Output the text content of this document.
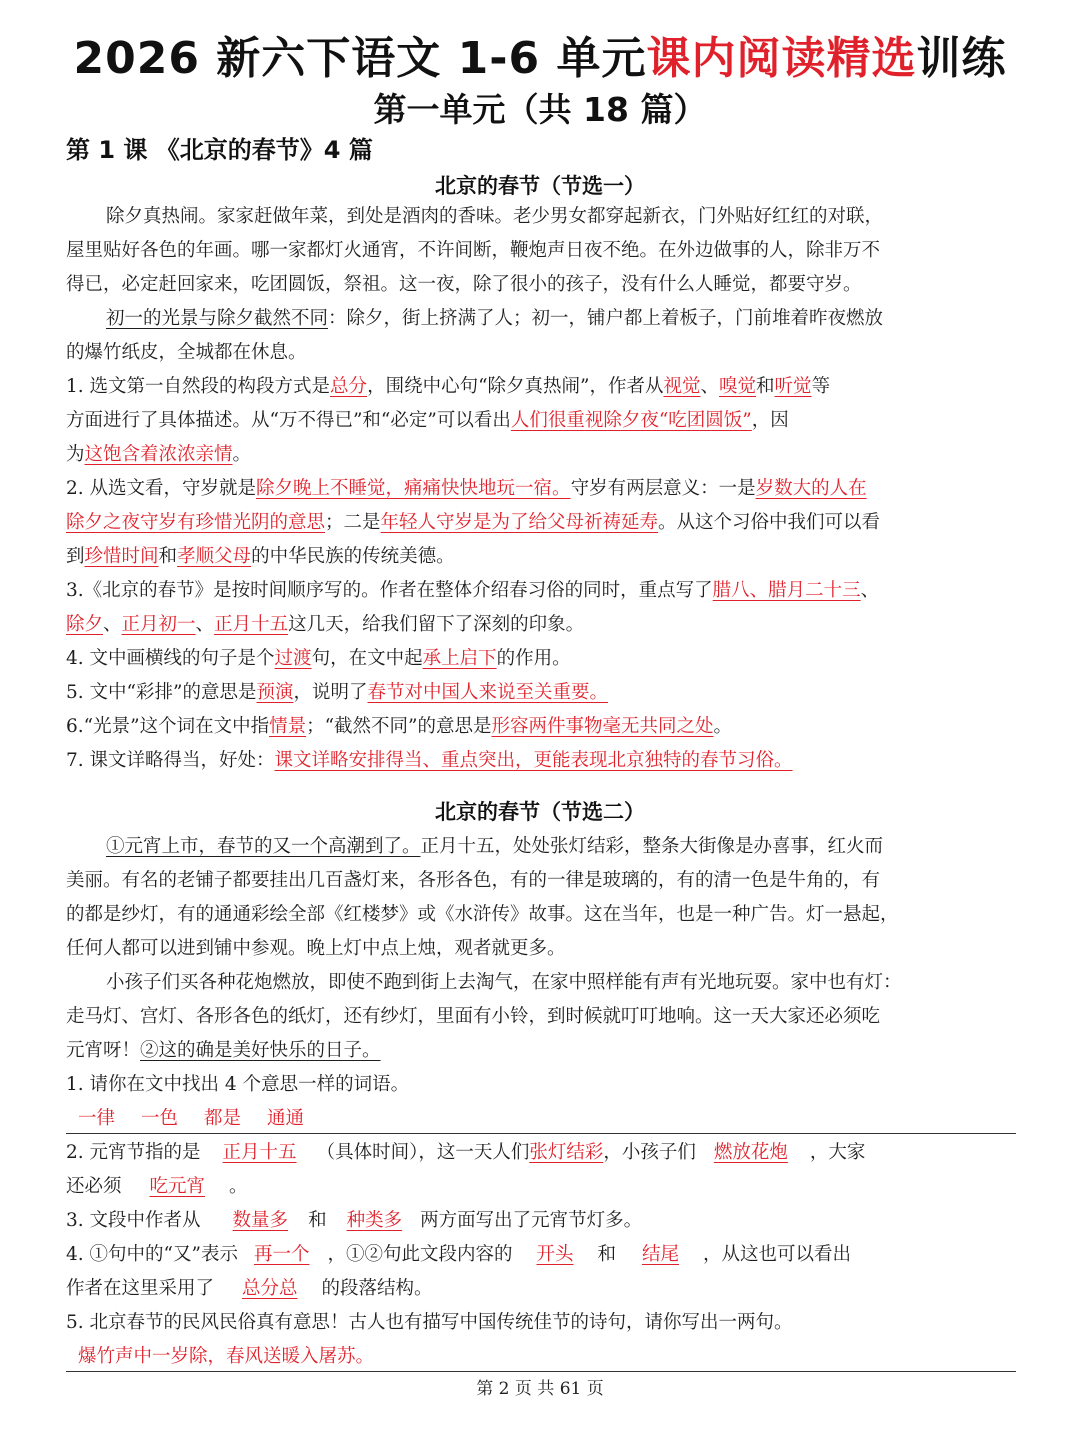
2026 新六下语文 1-6 单元课内阅读精选训练
第一单元（共 18 篇）
第 1 课 《北京的春节》4 篇
北京的春节（节选一）
除夕真热闹。家家赶做年菜，到处是酒肉的香味。老少男女都穿起新衣，门外贴好红红的对联，
屋里贴好各色的年画。哪一家都灯火通宵，不许间断，鞭炮声日夜不绝。在外边做事的人，除非万不
得已，必定赶回家来，吃团圆饭，祭祖。这一夜，除了很小的孩子，没有什么人睡觉，都要守岁。
初一的光景与除夕截然不同：除夕，街上挤满了人；初一，铺户都上着板子，门前堆着昨夜燃放
的爆竹纸皮，全城都在休息。
1. 选文第一自然段的构段方式是总分，围绕中心句“除夕真热闹”，作者从视觉、嗅觉和听觉等
方面进行了具体描述。从“万不得已”和“必定”可以看出人们很重视除夕夜“吃团圆饭”，因
为这饱含着浓浓亲情。
2. 从选文看，守岁就是除夕晚上不睡觉，痛痛快快地玩一宿。守岁有两层意义：一是岁数大的人在
除夕之夜守岁有珍惜光阴的意思；二是年轻人守岁是为了给父母祈祷延寿。从这个习俗中我们可以看
到珍惜时间和孝顺父母的中华民族的传统美德。
3.《北京的春节》是按时间顺序写的。作者在整体介绍春习俗的同时，重点写了腊八、腊月二十三、
除夕、正月初一、正月十五这几天，给我们留下了深刻的印象。
4. 文中画横线的句子是个过渡句，在文中起承上启下的作用。
5. 文中“彩排”的意思是预演，说明了春节对中国人来说至关重要。
6.“光景”这个词在文中指情景；“截然不同”的意思是形容两件事物毫无共同之处。
7. 课文详略得当，好处：课文详略安排得当、重点突出，更能表现北京独特的春节习俗。
北京的春节（节选二）
①元宵上市，春节的又一个高潮到了。正月十五，处处张灯结彩，整条大街像是办喜事，红火而
美丽。有名的老铺子都要挂出几百盏灯来，各形各色，有的一律是玻璃的，有的清一色是牛角的，有
的都是纱灯，有的通通彩绘全部《红楼梦》或《水浒传》故事。这在当年，也是一种广告。灯一悬起，
任何人都可以进到铺中参观。晚上灯中点上烛，观者就更多。
小孩子们买各种花炮燃放，即使不跑到街上去淘气，在家中照样能有声有光地玩耍。家中也有灯：
走马灯、宫灯、各形各色的纸灯，还有纱灯，里面有小铃，到时候就叮叮地响。这一天大家还必须吃
元宵呀！②这的确是美好快乐的日子。
1. 请你在文中找出 4 个意思一样的词语。
一律 一色 都是 通通
2. 元宵节指的是 正月十五 （具体时间），这一天人们张灯结彩，小孩子们 燃放花炮 ，大家
还必须 吃元宵 。
3. 文段中作者从 数量多 和 种类多 两方面写出了元宵节灯多。
4. ①句中的“又”表示 再一个 ，①②句此文段内容的 开头 和 结尾 ，从这也可以看出
作者在这里采用了 总分总 的段落结构。
5. 北京春节的民风民俗真有意思！古人也有描写中国传统佳节的诗句，请你写出一两句。
爆竹声中一岁除，春风送暖入屠苏。
第 2 页 共 61 页
